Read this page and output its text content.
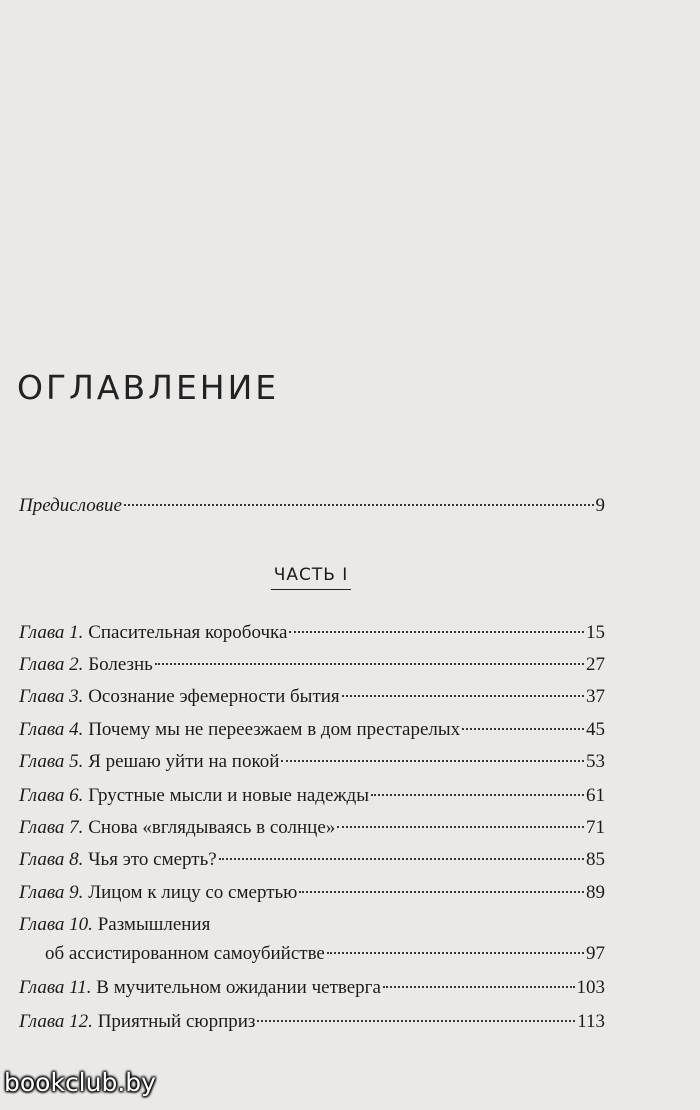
ОГЛАВЛЕНИЕ
Предисловие	9
ЧАСТЬ I
Глава 1. Спасительная коробочка	15
Глава 2. Болезнь	27
Глава 3. Осознание эфемерности бытия	37
Глава 4. Почему мы не переезжаем в дом престарелых	45
Глава 5. Я решаю уйти на покой	53
Глава 6. Грустные мысли и новые надежды	61
Глава 7. Снова «вглядываясь в солнце»	71
Глава 8. Чья это смерть?	85
Глава 9. Лицом к лицу со смертью	89
Глава 10. Размышления
об ассистированном самоубийстве	97
Глава 11. В мучительном ожидании четверга	103
Глава 12. Приятный сюрприз	113
bookclub.by
